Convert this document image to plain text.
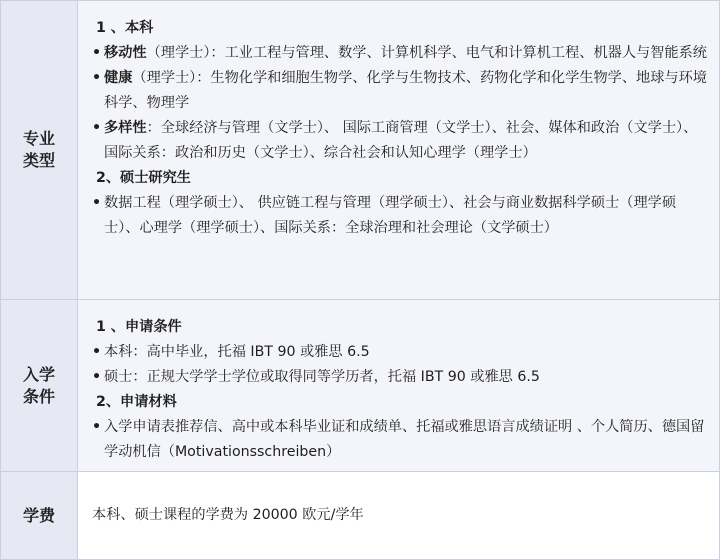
专业
类型
1 、本科
• 移动性（理学士）：工业工程与管理、数学、计算机科学、电气和计算机工程、机器人与智能系统
• 健康（理学士）：生物化学和细胞生物学、化学与生物技术、药物化学和化学生物学、地球与环境科学、物理学
• 多样性：全球经济与管理（文学士）、 国际工商管理（文学士）、社会、媒体和政治（文学士）、国际关系：政治和历史（文学士）、综合社会和认知心理学（理学士）
2、硕士研究生
• 数据工程（理学硕士）、 供应链工程与管理（理学硕士）、社会与商业数据科学硕士（理学硕士）、心理学（理学硕士）、国际关系：全球治理和社会理论（文学硕士）
入学
条件
1 、申请条件
• 本科：高中毕业，托福 IBT 90 或雅思 6.5
• 硕士：正规大学学士学位或取得同等学历者，托福 IBT 90 或雅思 6.5
2、申请材料
• 入学申请表推荐信、高中或本科毕业证和成绩单、托福或雅思语言成绩证明 、个人简历、德国留学动机信（Motivationsschreiben）
学费	本科、硕士课程的学费为 20000 欧元/学年
